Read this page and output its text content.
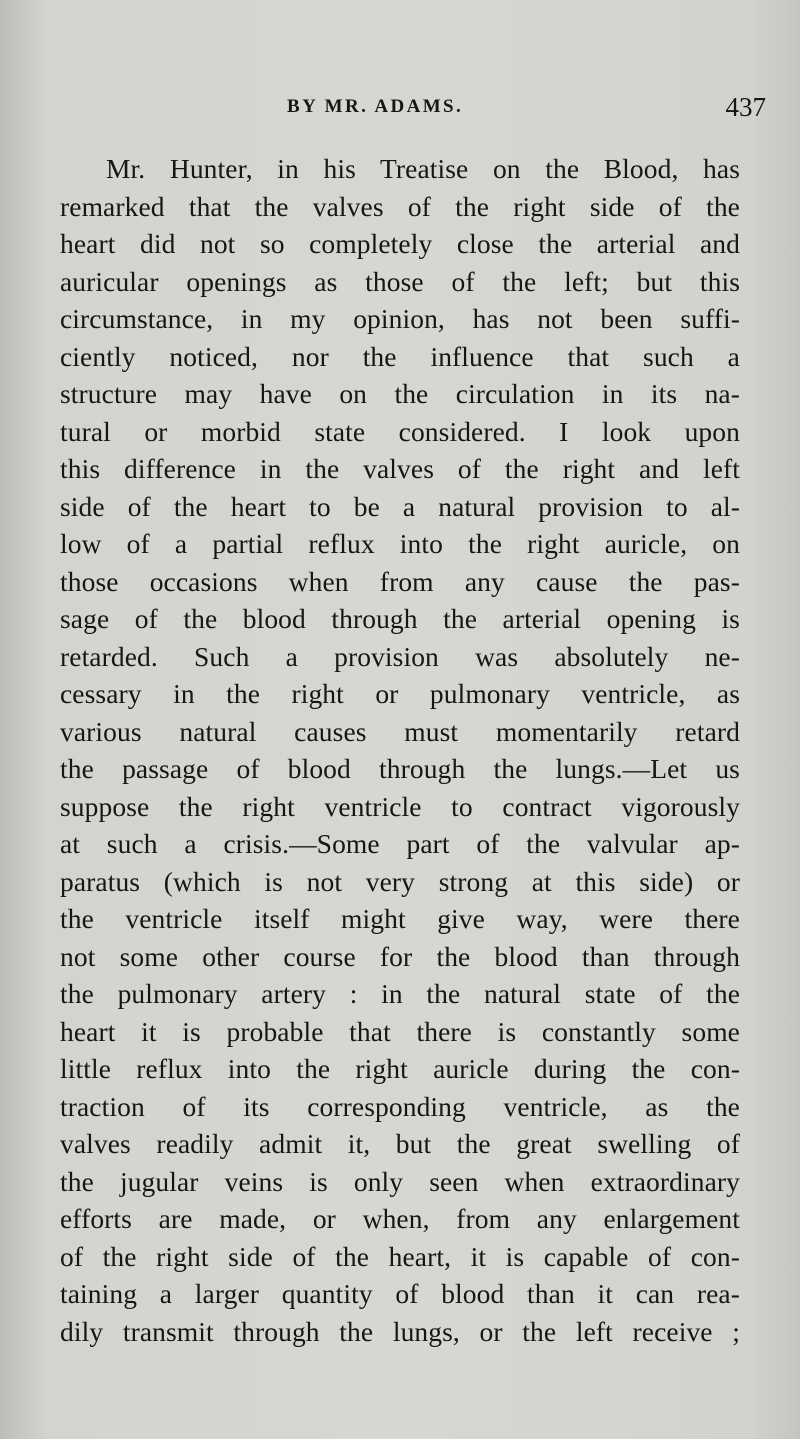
BY MR. ADAMS.	437
Mr. Hunter, in his Treatise on the Blood, has
remarked that the valves of the right side of the
heart did not so completely close the arterial and
auricular openings as those of the left; but this
circumstance, in my opinion, has not been suffi-
ciently noticed, nor the influence that such a
structure may have on the circulation in its na-
tural or morbid state considered. I look upon
this difference in the valves of the right and left
side of the heart to be a natural provision to al-
low of a partial reflux into the right auricle, on
those occasions when from any cause the pas-
sage of the blood through the arterial opening is
retarded. Such a provision was absolutely ne-
cessary in the right or pulmonary ventricle, as
various natural causes must momentarily retard
the passage of blood through the lungs.—Let us
suppose the right ventricle to contract vigorously
at such a crisis.—Some part of the valvular ap-
paratus (which is not very strong at this side) or
the ventricle itself might give way, were there
not some other course for the blood than through
the pulmonary artery : in the natural state of the
heart it is probable that there is constantly some
little reflux into the right auricle during the con-
traction of its corresponding ventricle, as the
valves readily admit it, but the great swelling of
the jugular veins is only seen when extraordinary
efforts are made, or when, from any enlargement
of the right side of the heart, it is capable of con-
taining a larger quantity of blood than it can rea-
dily transmit through the lungs, or the left receive ;
